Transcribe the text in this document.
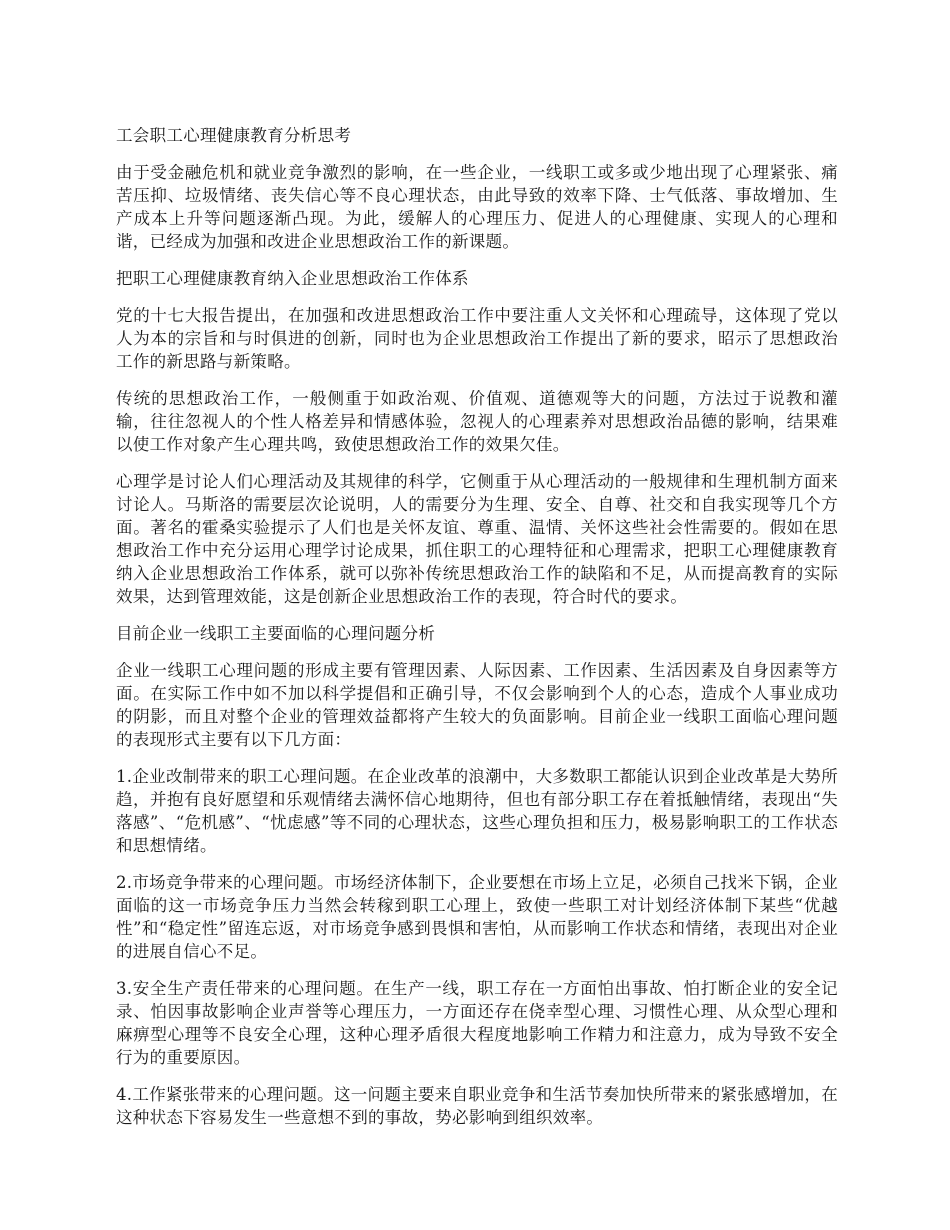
工会职工心理健康教育分析思考

由于受金融危机和就业竞争激烈的影响，在一些企业，一线职工或多或少地出现了心理紧张、痛苦压抑、垃圾情绪、丧失信心等不良心理状态，由此导致的效率下降、士气低落、事故增加、生产成本上升等问题逐渐凸现。为此，缓解人的心理压力、促进人的心理健康、实现人的心理和谐，已经成为加强和改进企业思想政治工作的新课题。

把职工心理健康教育纳入企业思想政治工作体系

党的十七大报告提出，在加强和改进思想政治工作中要注重人文关怀和心理疏导，这体现了党以人为本的宗旨和与时俱进的创新，同时也为企业思想政治工作提出了新的要求，昭示了思想政治工作的新思路与新策略。

传统的思想政治工作，一般侧重于如政治观、价值观、道德观等大的问题，方法过于说教和灌输，往往忽视人的个性人格差异和情感体验，忽视人的心理素养对思想政治品德的影响，结果难以使工作对象产生心理共鸣，致使思想政治工作的效果欠佳。

心理学是讨论人们心理活动及其规律的科学，它侧重于从心理活动的一般规律和生理机制方面来讨论人。马斯洛的需要层次论说明，人的需要分为生理、安全、自尊、社交和自我实现等几个方面。著名的霍桑实验提示了人们也是关怀友谊、尊重、温情、关怀这些社会性需要的。假如在思想政治工作中充分运用心理学讨论成果，抓住职工的心理特征和心理需求，把职工心理健康教育纳入企业思想政治工作体系，就可以弥补传统思想政治工作的缺陷和不足，从而提高教育的实际效果，达到管理效能，这是创新企业思想政治工作的表现，符合时代的要求。

目前企业一线职工主要面临的心理问题分析

企业一线职工心理问题的形成主要有管理因素、人际因素、工作因素、生活因素及自身因素等方面。在实际工作中如不加以科学提倡和正确引导，不仅会影响到个人的心态，造成个人事业成功的阴影，而且对整个企业的管理效益都将产生较大的负面影响。目前企业一线职工面临心理问题的表现形式主要有以下几方面：

1.企业改制带来的职工心理问题。在企业改革的浪潮中，大多数职工都能认识到企业改革是大势所趋，并抱有良好愿望和乐观情绪去满怀信心地期待，但也有部分职工存在着抵触情绪，表现出“失落感”、“危机感”、“忧虑感”等不同的心理状态，这些心理负担和压力，极易影响职工的工作状态和思想情绪。

2.市场竞争带来的心理问题。市场经济体制下，企业要想在市场上立足，必须自己找米下锅，企业面临的这一市场竞争压力当然会转稼到职工心理上，致使一些职工对计划经济体制下某些“优越性”和“稳定性”留连忘返，对市场竞争感到畏惧和害怕，从而影响工作状态和情绪，表现出对企业的进展自信心不足。

3.安全生产责任带来的心理问题。在生产一线，职工存在一方面怕出事故、怕打断企业的安全记录、怕因事故影响企业声誉等心理压力，一方面还存在侥幸型心理、习惯性心理、从众型心理和麻痹型心理等不良安全心理，这种心理矛盾很大程度地影响工作精力和注意力，成为导致不安全行为的重要原因。

4.工作紧张带来的心理问题。这一问题主要来自职业竞争和生活节奏加快所带来的紧张感增加，在这种状态下容易发生一些意想不到的事故，势必影响到组织效率。
